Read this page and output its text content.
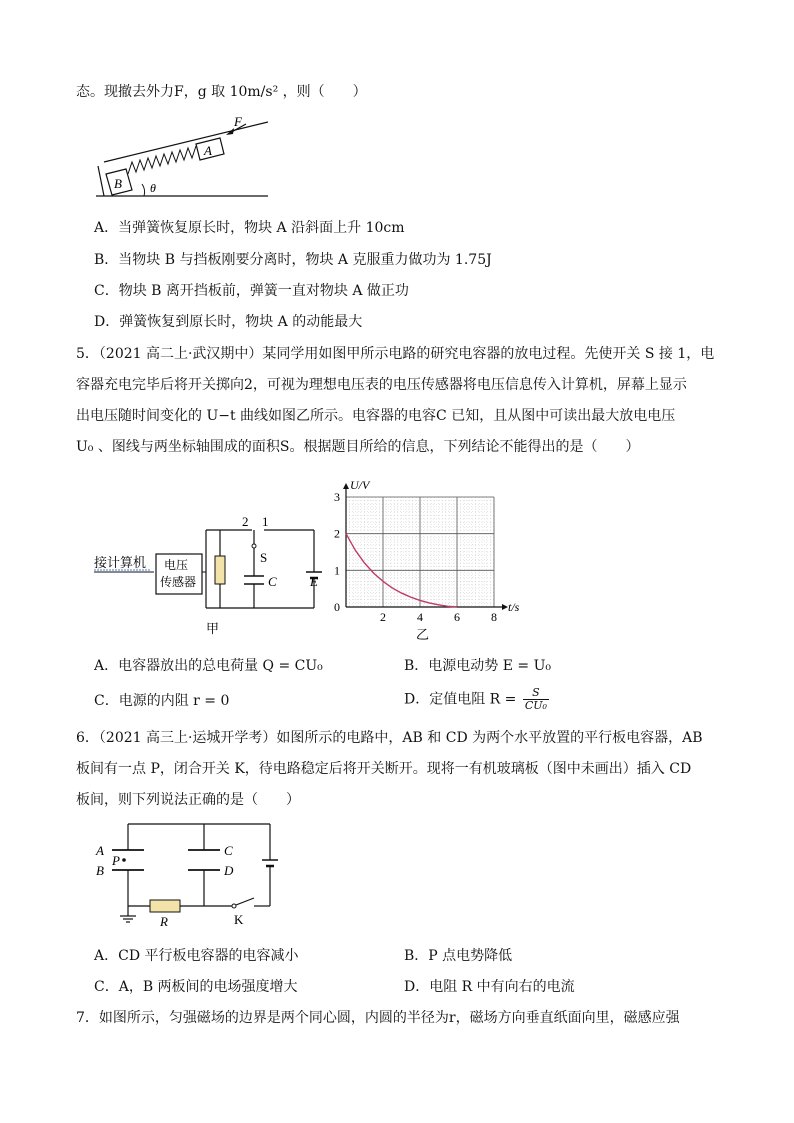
态。现撤去外力F，g 取 10m/s² ，则（　　）
B
A
F
θ
A．当弹簧恢复原长时，物块 A 沿斜面上升 10cm
B．当物块 B 与挡板刚要分离时，物块 A 克服重力做功为 1.75J
C．物块 B 离开挡板前，弹簧一直对物块 A 做正功
D．弹簧恢复到原长时，物块 A 的动能最大
5．（2021 高二上·武汉期中）某同学用如图甲所示电路的研究电容器的放电过程。先使开关 S 接 1，电
容器充电完毕后将开关掷向2，可视为理想电压表的电压传感器将电压信息传入计算机，屏幕上显示
出电压随时间变化的 U−t 曲线如图乙所示。电容器的电容C 已知，且从图中可读出最大放电电压
U₀ 、图线与两坐标轴围成的面积S。根据题目所给的信息，下列结论不能得出的是（　　）
接计算机 电压
传感器
S
C	E
2 1
甲
2	4	6	8
0
1
2
3
t/s
U/V
乙
A．电容器放出的总电荷量 Q = CU₀	B．电源电动势 E = U₀
C．电源的内阻 r = 0	D．定值电阻 $R = \frac{S}{\text{CU₀}}$
6．（2021 高三上·运城开学考）如图所示的电路中，AB 和 CD 为两个水平放置的平行板电容器，AB
板间有一点 P，闭合开关 K，待电路稳定后将开关断开。现将一有机玻璃板（图中未画出）插入 CD
板间，则下列说法正确的是（　　）
A
B
P
C
D
R	K
A．CD 平行板电容器的电容减小	B．P 点电势降低
C．A，B 两板间的电场强度增大	D．电阻 R 中有向右的电流
7．如图所示，匀强磁场的边界是两个同心圆，内圆的半径为r，磁场方向垂直纸面向里，磁感应强
